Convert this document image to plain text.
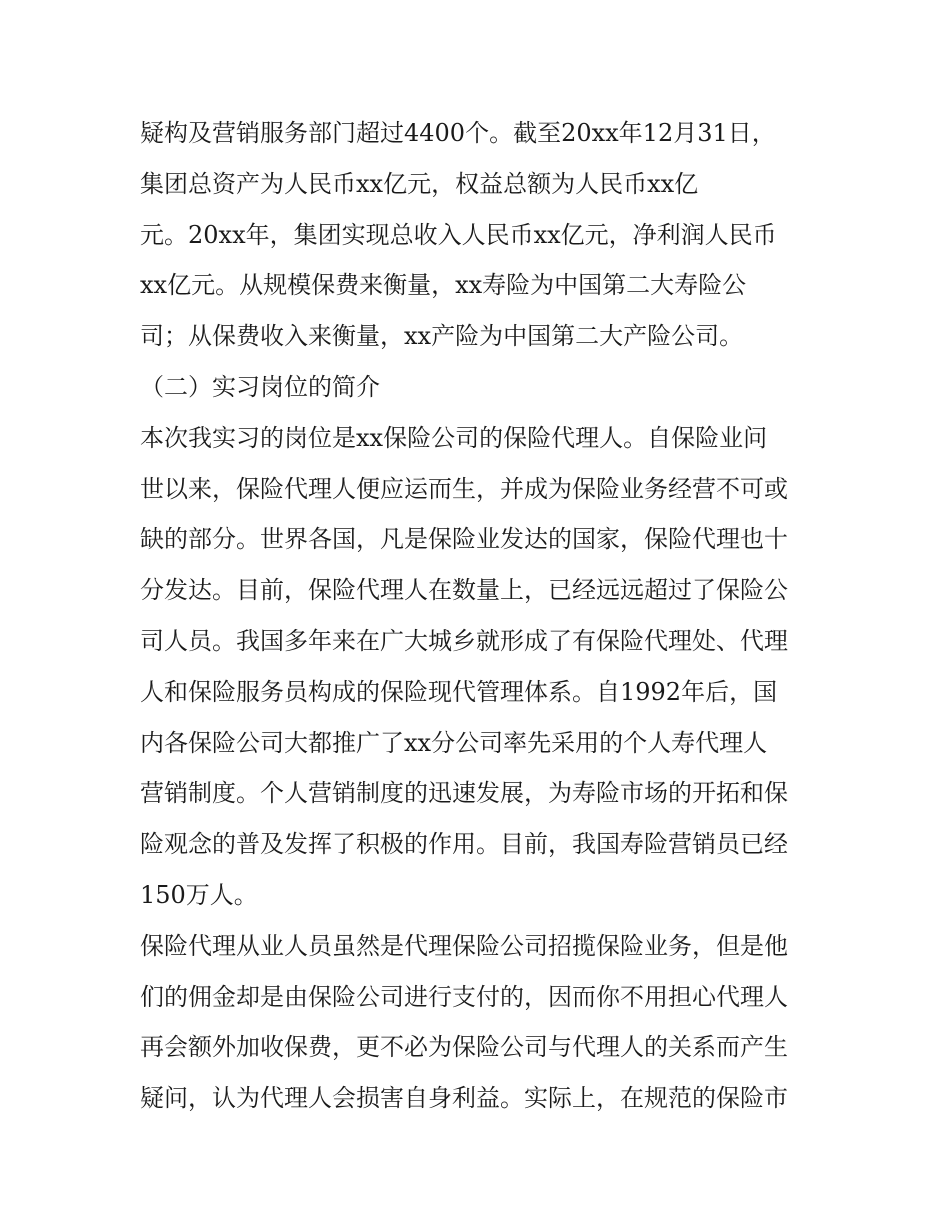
疑构及营销服务部门超过4400个。截至20xx年12月31日，
集团总资产为人民币xx亿元，权益总额为人民币xx亿
元。20xx年，集团实现总收入人民币xx亿元，净利润人民币
xx亿元。从规模保费来衡量，xx寿险为中国第二大寿险公
司；从保费收入来衡量，xx产险为中国第二大产险公司。
（二）实习岗位的简介
本次我实习的岗位是xx保险公司的保险代理人。自保险业问
世以来，保险代理人便应运而生，并成为保险业务经营不可或
缺的部分。世界各国，凡是保险业发达的国家，保险代理也十
分发达。目前，保险代理人在数量上，已经远远超过了保险公
司人员。我国多年来在广大城乡就形成了有保险代理处、代理
人和保险服务员构成的保险现代管理体系。自1992年后，国
内各保险公司大都推广了xx分公司率先采用的个人寿代理人
营销制度。个人营销制度的迅速发展，为寿险市场的开拓和保
险观念的普及发挥了积极的作用。目前，我国寿险营销员已经
150万人。
保险代理从业人员虽然是代理保险公司招揽保险业务，但是他
们的佣金却是由保险公司进行支付的，因而你不用担心代理人
再会额外加收保费，更不必为保险公司与代理人的关系而产生
疑问，认为代理人会损害自身利益。实际上，在规范的保险市
